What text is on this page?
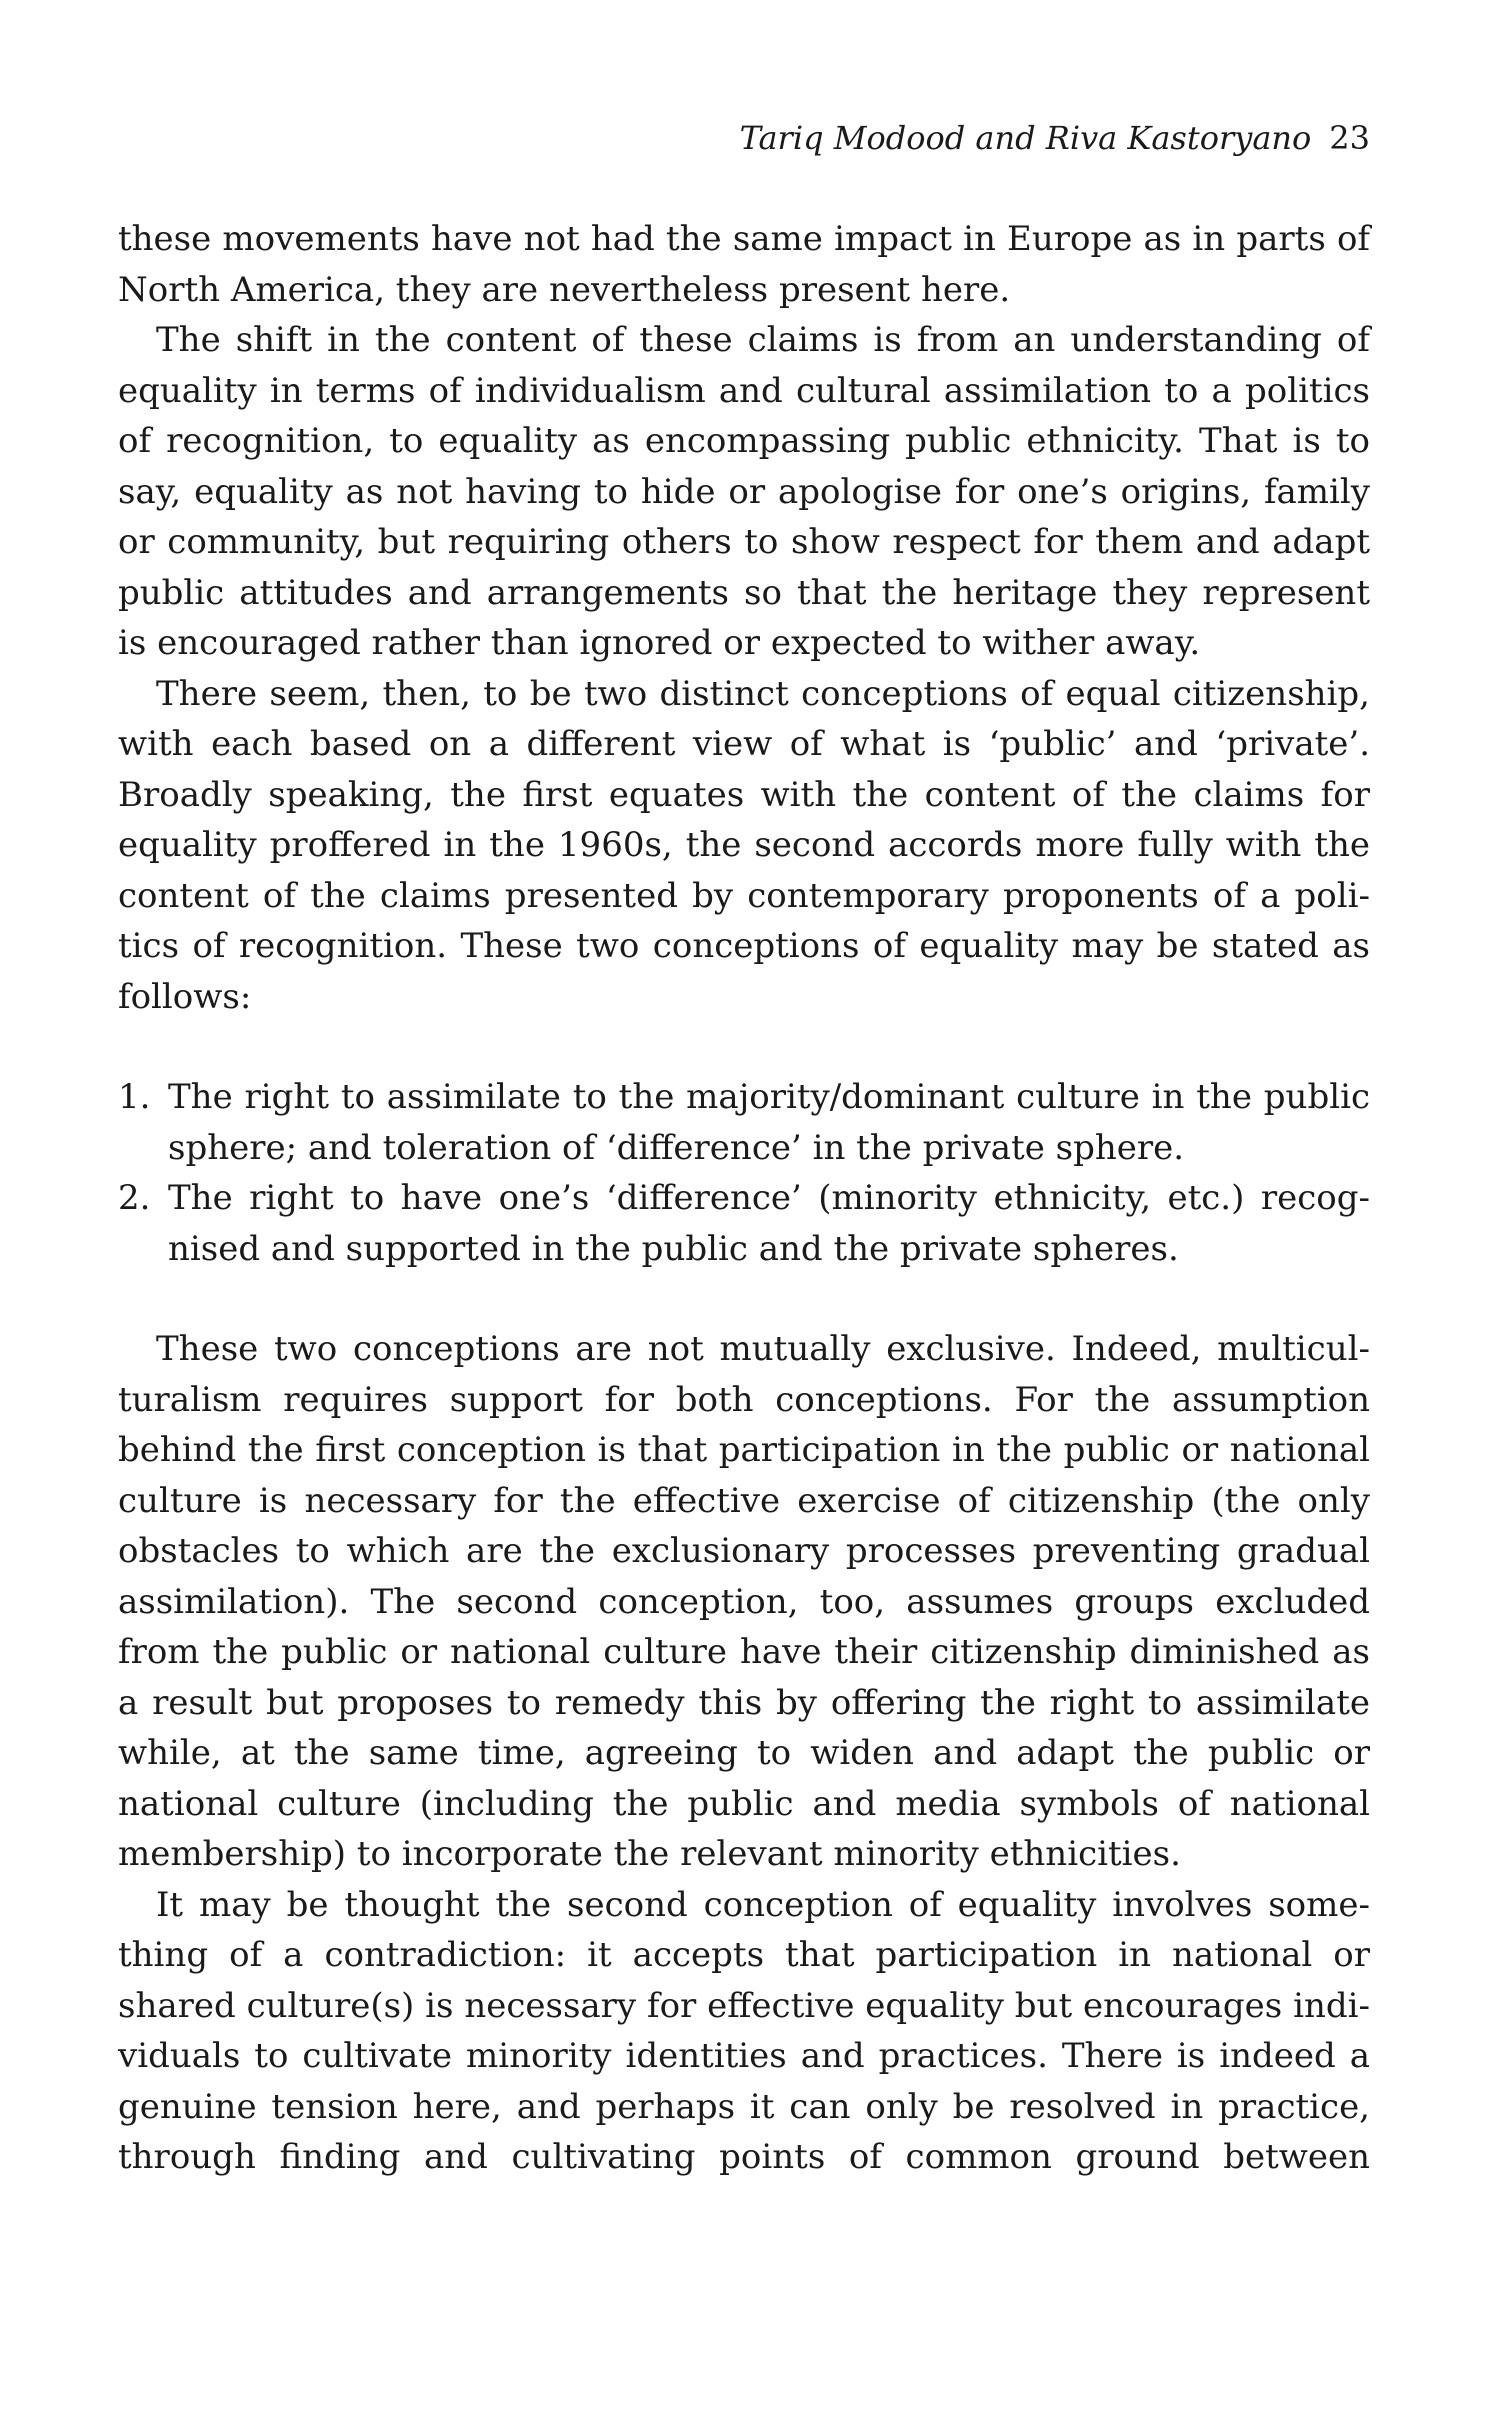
Tariq Modood and Riva Kastoryano 23

these movements have not had the same impact in Europe as in parts of North America, they are nevertheless present here.

The shift in the content of these claims is from an understanding of equality in terms of individualism and cultural assimilation to a politics of recognition, to equality as encompassing public ethnicity. That is to say, equality as not having to hide or apologise for one’s origins, family or community, but requiring others to show respect for them and adapt public attitudes and arrangements so that the heritage they represent is encouraged rather than ignored or expected to wither away.

There seem, then, to be two distinct conceptions of equal citizenship, with each based on a different view of what is ‘public’ and ‘private’. Broadly speaking, the first equates with the content of the claims for equality proffered in the 1960s, the second accords more fully with the content of the claims presented by contemporary proponents of a politics of recognition. These two conceptions of equality may be stated as follows:

1. The right to assimilate to the majority/dominant culture in the public sphere; and toleration of ‘difference’ in the private sphere.
2. The right to have one’s ‘difference’ (minority ethnicity, etc.) recognised and supported in the public and the private spheres.

These two conceptions are not mutually exclusive. Indeed, multiculturalism requires support for both conceptions. For the assumption behind the first conception is that participation in the public or national culture is necessary for the effective exercise of citizenship (the only obstacles to which are the exclusionary processes preventing gradual assimilation). The second conception, too, assumes groups excluded from the public or national culture have their citizenship diminished as a result but proposes to remedy this by offering the right to assimilate while, at the same time, agreeing to widen and adapt the public or national culture (including the public and media symbols of national membership) to incorporate the relevant minority ethnicities.

It may be thought the second conception of equality involves something of a contradiction: it accepts that participation in national or shared culture(s) is necessary for effective equality but encourages individuals to cultivate minority identities and practices. There is indeed a genuine tension here, and perhaps it can only be resolved in practice, through finding and cultivating points of common ground between
